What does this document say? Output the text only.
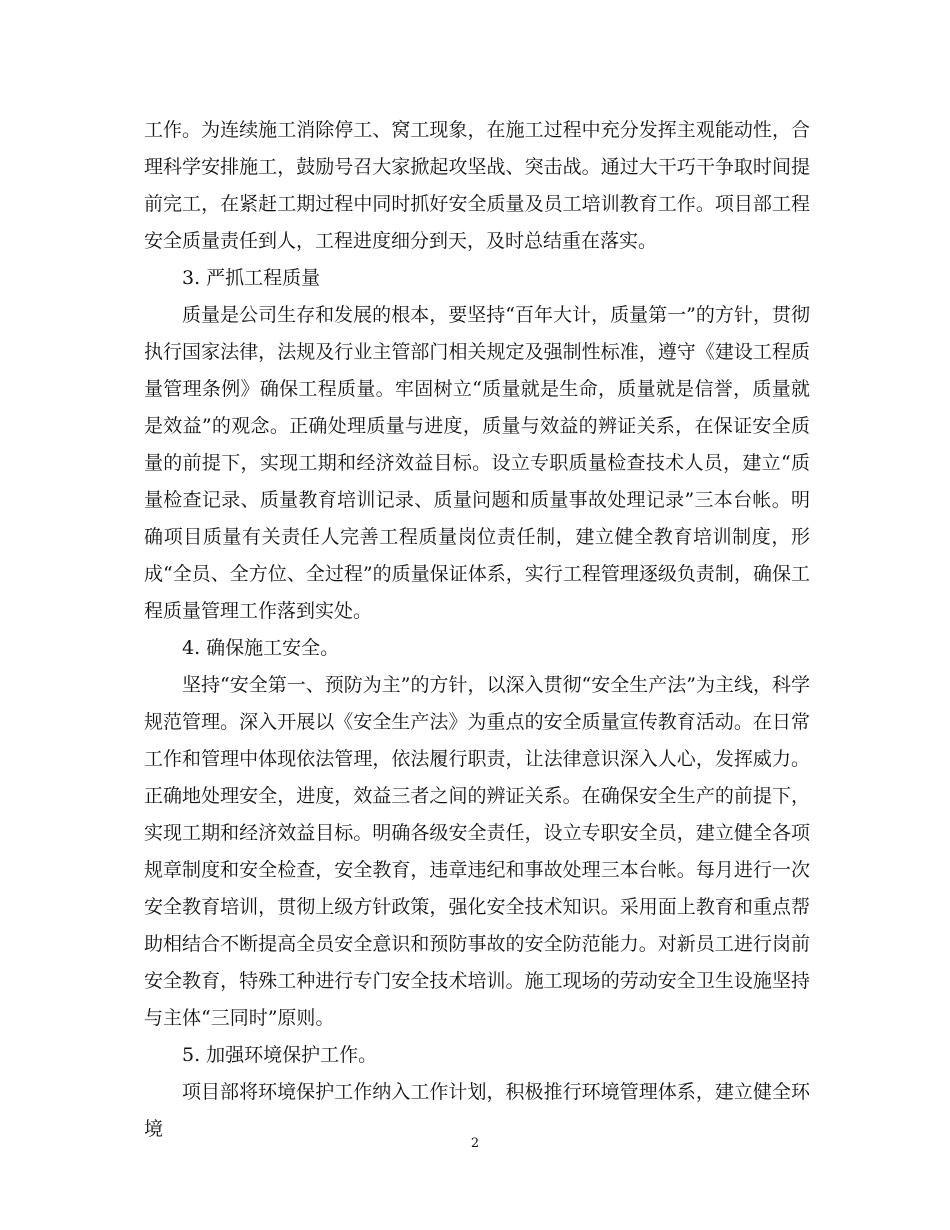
工作。为连续施工消除停工、窝工现象，在施工过程中充分发挥主观能动性，合理科学安排施工，鼓励号召大家掀起攻坚战、突击战。通过大干巧干争取时间提前完工，在紧赶工期过程中同时抓好安全质量及员工培训教育工作。项目部工程安全质量责任到人，工程进度细分到天，及时总结重在落实。

3. 严抓工程质量

质量是公司生存和发展的根本，要坚持“百年大计，质量第一”的方针，贯彻执行国家法律，法规及行业主管部门相关规定及强制性标准，遵守《建设工程质量管理条例》确保工程质量。牢固树立“质量就是生命，质量就是信誉，质量就是效益”的观念。正确处理质量与进度，质量与效益的辨证关系，在保证安全质量的前提下，实现工期和经济效益目标。设立专职质量检查技术人员，建立“质量检查记录、质量教育培训记录、质量问题和质量事故处理记录”三本台帐。明确项目质量有关责任人完善工程质量岗位责任制，建立健全教育培训制度，形成“全员、全方位、全过程”的质量保证体系，实行工程管理逐级负责制，确保工程质量管理工作落到实处。

4. 确保施工安全。

坚持“安全第一、预防为主”的方针，以深入贯彻“安全生产法”为主线，科学规范管理。深入开展以《安全生产法》为重点的安全质量宣传教育活动。在日常工作和管理中体现依法管理，依法履行职责，让法律意识深入人心，发挥威力。正确地处理安全，进度，效益三者之间的辨证关系。在确保安全生产的前提下，实现工期和经济效益目标。明确各级安全责任，设立专职安全员，建立健全各项规章制度和安全检查，安全教育，违章违纪和事故处理三本台帐。每月进行一次安全教育培训，贯彻上级方针政策，强化安全技术知识。采用面上教育和重点帮助相结合不断提高全员安全意识和预防事故的安全防范能力。对新员工进行岗前安全教育，特殊工种进行专门安全技术培训。施工现场的劳动安全卫生设施坚持与主体“三同时”原则。

5. 加强环境保护工作。

项目部将环境保护工作纳入工作计划，积极推行环境管理体系，建立健全环境

2
